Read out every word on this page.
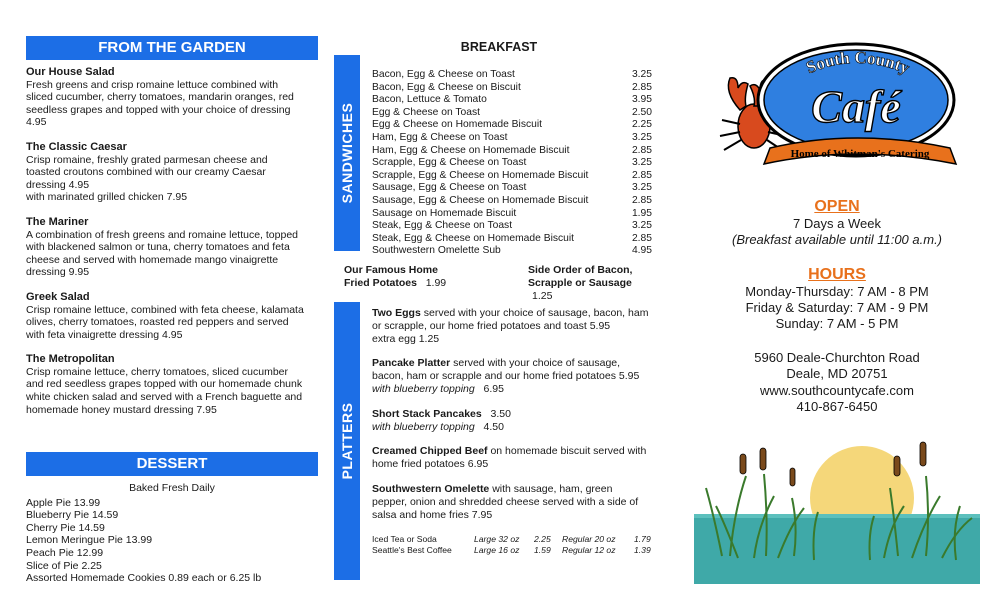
FROM THE GARDEN
Our House Salad
Fresh greens and crisp romaine lettuce combined with
sliced cucumber, cherry tomatoes, mandarin oranges, red
seedless grapes and topped with your choice of dressing
4.95
The Classic Caesar
Crisp romaine, freshly grated parmesan cheese and
toasted croutons combined with our creamy Caesar
dressing 4.95
with marinated grilled chicken 7.95
The Mariner
A combination of fresh greens and romaine lettuce, topped
with blackened salmon or tuna, cherry tomatoes and feta
cheese and served with homemade mango vinaigrette
dressing 9.95
Greek Salad
Crisp romaine lettuce, combined with feta cheese, kalamata
olives, cherry tomatoes, roasted red peppers and served
with feta vinaigrette dressing 4.95
The Metropolitan
Crisp romaine lettuce, cherry tomatoes, sliced cucumber
and red seedless grapes topped with our homemade chunk
white chicken salad and served with a French baguette and
homemade honey mustard dressing 7.95
DESSERT
Baked Fresh Daily
Apple Pie 13.99
Blueberry Pie 14.59
Cherry Pie 14.59
Lemon Meringue Pie 13.99
Peach Pie 12.99
Slice of Pie 2.25
Assorted Homemade Cookies 0.89 each or 6.25 lb
BREAKFAST
SANDWICHES
Bacon, Egg & Cheese on Toast	3.25
Bacon, Egg & Cheese on Biscuit	2.85
Bacon, Lettuce & Tomato	3.95
Egg & Cheese on Toast	2.50
Egg & Cheese on Homemade Biscuit	2.25
Ham, Egg & Cheese on Toast	3.25
Ham, Egg & Cheese on Homemade Biscuit	2.85
Scrapple, Egg & Cheese on Toast	3.25
Scrapple, Egg & Cheese on Homemade Biscuit	2.85
Sausage, Egg & Cheese on Toast	3.25
Sausage, Egg & Cheese on Homemade Biscuit	2.85
Sausage on Homemade Biscuit	1.95
Steak, Egg & Cheese on Toast	3.25
Steak, Egg & Cheese on Homemade Biscuit	2.85
Southwestern Omelette Sub	4.95
Our Famous Home
Fried Potatoes 1.99
Side Order of Bacon,
Scrapple or Sausage
1.25
PLATTERS
Two Eggs served with your choice of sausage, bacon, ham
or scrapple, our home fried potatoes and toast 5.95
extra egg 1.25
Pancake Platter served with your choice of sausage,
bacon, ham or scrapple and our home fried potatoes 5.95
with blueberry topping 6.95
Short Stack Pancakes 3.50
with blueberry topping 4.50
Creamed Chipped Beef on homemade biscuit served with
home fried potatoes 6.95
Southwestern Omelette with sausage, ham, green
pepper, onion and shredded cheese served with a side of
salsa and home fries 7.95
Iced Tea or Soda	Large 32 oz 2.25 Regular 20 oz 1.79
Seattle's Best Coffee	Large 16 oz 1.59 Regular 12 oz 1.39
South County
Café
Home of Whitman's Catering
OPEN
7 Days a Week
(Breakfast available until 11:00 a.m.)
HOURS
Monday-Thursday: 7 AM - 8 PM
Friday & Saturday: 7 AM - 9 PM
Sunday: 7 AM - 5 PM
5960 Deale-Churchton Road
Deale, MD 20751
www.southcountycafe.com
410-867-6450
